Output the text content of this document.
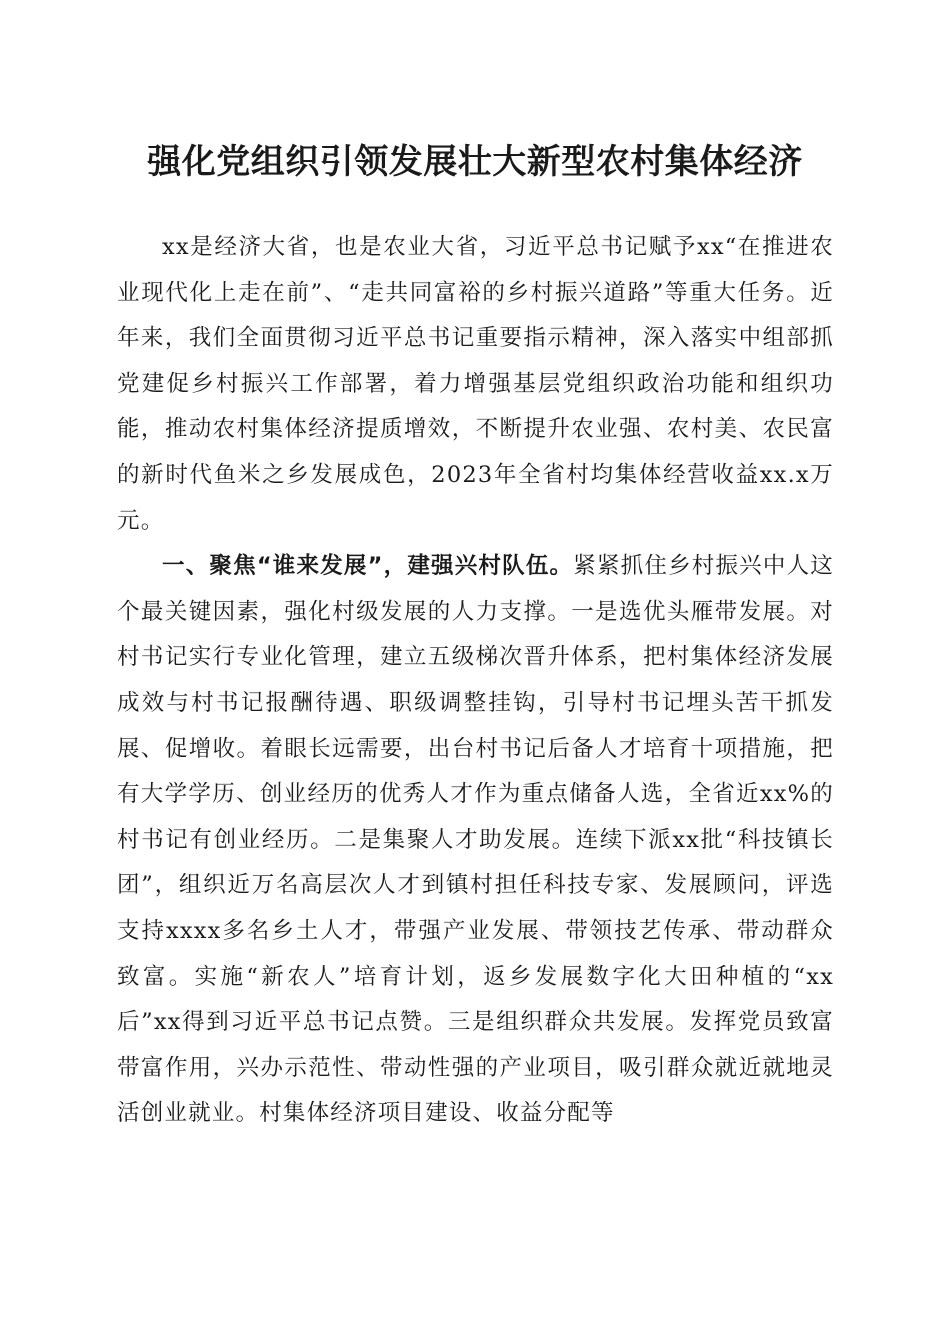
强化党组织引领发展壮大新型农村集体经济

xx是经济大省，也是农业大省，习近平总书记赋予xx“在推进农业现代化上走在前”、“走共同富裕的乡村振兴道路”等重大任务。近年来，我们全面贯彻习近平总书记重要指示精神，深入落实中组部抓党建促乡村振兴工作部署，着力增强基层党组织政治功能和组织功能，推动农村集体经济提质增效，不断提升农业强、农村美、农民富的新时代鱼米之乡发展成色，2023年全省村均集体经营收益xx.x万元。

一、聚焦“谁来发展”，建强兴村队伍。紧紧抓住乡村振兴中人这个最关键因素，强化村级发展的人力支撑。一是选优头雁带发展。对村书记实行专业化管理，建立五级梯次晋升体系，把村集体经济发展成效与村书记报酬待遇、职级调整挂钩，引导村书记埋头苦干抓发展、促增收。着眼长远需要，出台村书记后备人才培育十项措施，把有大学学历、创业经历的优秀人才作为重点储备人选，全省近xx%的村书记有创业经历。二是集聚人才助发展。连续下派xx批“科技镇长团”，组织近万名高层次人才到镇村担任科技专家、发展顾问，评选支持xxxx多名乡土人才，带强产业发展、带领技艺传承、带动群众致富。实施“新农人”培育计划，返乡发展数字化大田种植的“xx后”xx得到习近平总书记点赞。三是组织群众共发展。发挥党员致富带富作用，兴办示范性、带动性强的产业项目，吸引群众就近就地灵活创业就业。村集体经济项目建设、收益分配等
